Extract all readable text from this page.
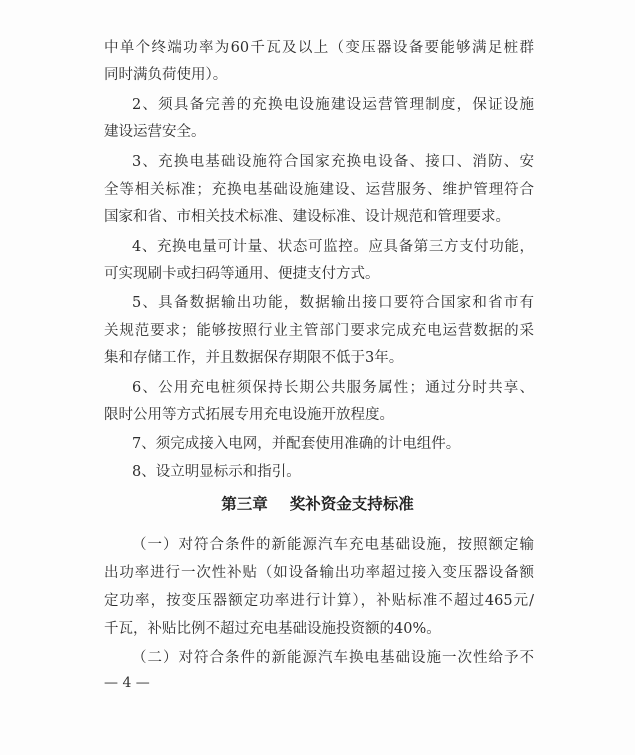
中单个终端功率为60千瓦及以上（变压器设备要能够满足桩群
同时满负荷使用）。
2、须具备完善的充换电设施建设运营管理制度，保证设施
建设运营安全。
3、充换电基础设施符合国家充换电设备、接口、消防、安
全等相关标准；充换电基础设施建设、运营服务、维护管理符合
国家和省、市相关技术标准、建设标准、设计规范和管理要求。
4、充换电量可计量、状态可监控。应具备第三方支付功能，
可实现刷卡或扫码等通用、便捷支付方式。
5、具备数据输出功能，数据输出接口要符合国家和省市有
关规范要求；能够按照行业主管部门要求完成充电运营数据的采
集和存储工作，并且数据保存期限不低于3年。
6、公用充电桩须保持长期公共服务属性；通过分时共享、
限时公用等方式拓展专用充电设施开放程度。
7、须完成接入电网，并配套使用准确的计电组件。
8、设立明显标示和指引。
第三章 奖补资金支持标准
（一）对符合条件的新能源汽车充电基础设施，按照额定输
出功率进行一次性补贴（如设备输出功率超过接入变压器设备额
定功率，按变压器额定功率进行计算），补贴标准不超过465元/
千瓦，补贴比例不超过充电基础设施投资额的40%。
（二）对符合条件的新能源汽车换电基础设施一次性给予不
— 4 —
